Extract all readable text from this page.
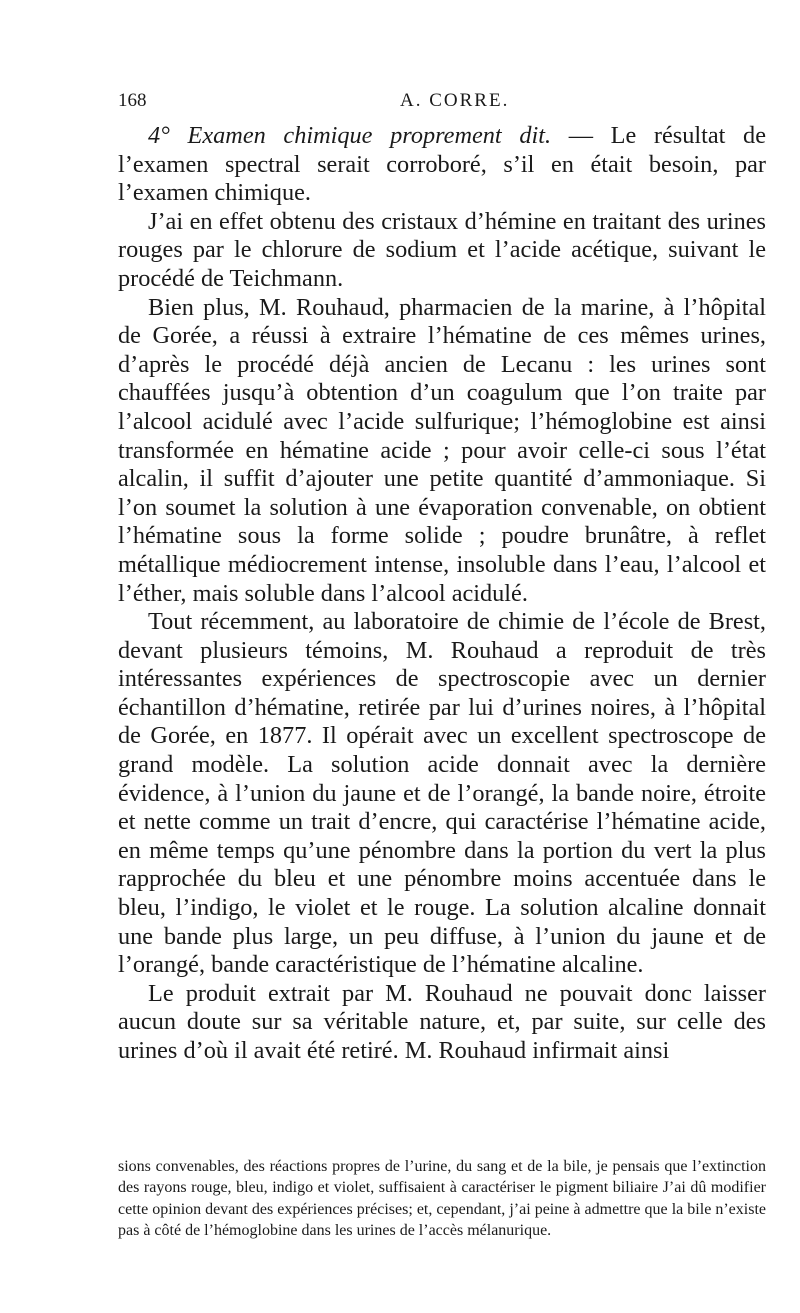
168	A. CORRE.

4° Examen chimique proprement dit. — Le résultat de l’examen spectral serait corroboré, s’il en était besoin, par l’examen chimique.

J’ai en effet obtenu des cristaux d’hémine en traitant des urines rouges par le chlorure de sodium et l’acide acétique, suivant le procédé de Teichmann.

Bien plus, M. Rouhaud, pharmacien de la marine, à l’hôpital de Gorée, a réussi à extraire l’hématine de ces mêmes urines, d’après le procédé déjà ancien de Lecanu : les urines sont chauffées jusqu’à obtention d’un coagulum que l’on traite par l’alcool acidulé avec l’acide sulfurique; l’hémoglobine est ainsi transformée en hématine acide ; pour avoir celle-ci sous l’état alcalin, il suffit d’ajouter une petite quantité d’ammoniaque. Si l’on soumet la solution à une évaporation convenable, on obtient l’hématine sous la forme solide ; poudre brunâtre, à reflet métallique médiocrement intense, insoluble dans l’eau, l’alcool et l’éther, mais soluble dans l’alcool acidulé.

Tout récemment, au laboratoire de chimie de l’école de Brest, devant plusieurs témoins, M. Rouhaud a reproduit de très intéressantes expériences de spectroscopie avec un dernier échantillon d’hématine, retirée par lui d’urines noires, à l’hôpital de Gorée, en 1877. Il opérait avec un excellent spectroscope de grand modèle. La solution acide donnait avec la dernière évidence, à l’union du jaune et de l’orangé, la bande noire, étroite et nette comme un trait d’encre, qui caractérise l’hématine acide, en même temps qu’une pénombre dans la portion du vert la plus rapprochée du bleu et une pénombre moins accentuée dans le bleu, l’indigo, le violet et le rouge. La solution alcaline donnait une bande plus large, un peu diffuse, à l’union du jaune et de l’orangé, bande caractéristique de l’hématine alcaline.

Le produit extrait par M. Rouhaud ne pouvait donc laisser aucun doute sur sa véritable nature, et, par suite, sur celle des urines d’où il avait été retiré. M. Rouhaud infirmait ainsi

sions convenables, des réactions propres de l’urine, du sang et de la bile, je pensais que l’extinction des rayons rouge, bleu, indigo et violet, suffisaient à caractériser le pigment biliaire J’ai dû modifier cette opinion devant des expériences précises; et, cependant, j’ai peine à admettre que la bile n’existe pas à côté de l’hémoglobine dans les urines de l’accès mélanurique.
